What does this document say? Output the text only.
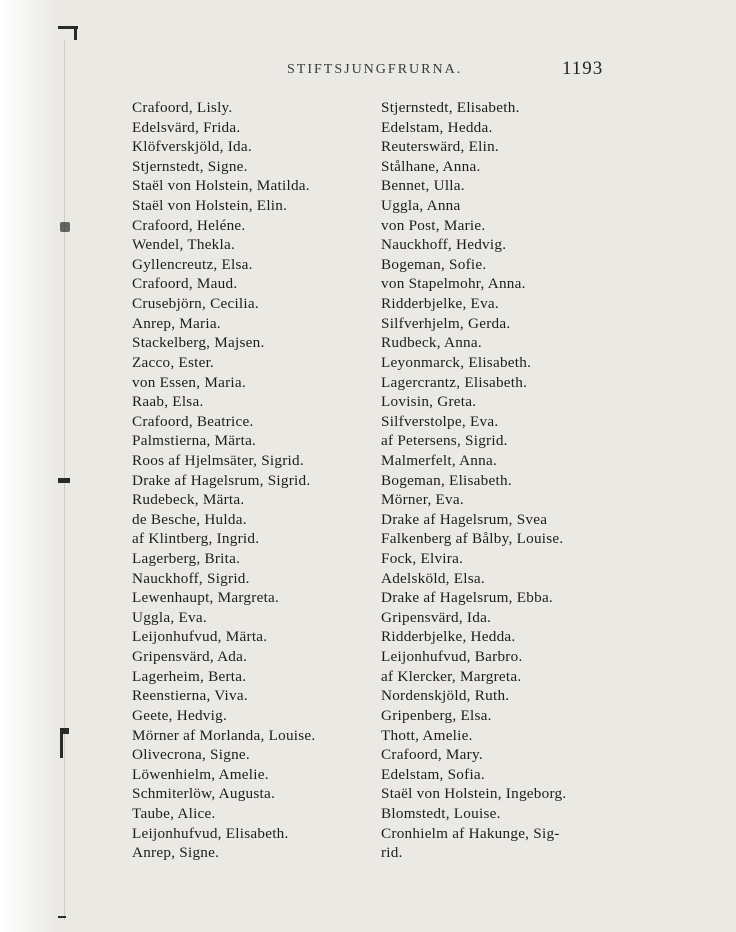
STIFTSJUNGFRURNA.	1193
Crafoord, Lisly.
Edelsvärd, Frida.
Klöfverskjöld, Ida.
Stjernstedt, Signe.
Staël von Holstein, Matilda.
Staël von Holstein, Elin.
Crafoord, Heléne.
Wendel, Thekla.
Gyllencreutz, Elsa.
Crafoord, Maud.
Crusebjörn, Cecilia.
Anrep, Maria.
Stackelberg, Majsen.
Zacco, Ester.
von Essen, Maria.
Raab, Elsa.
Crafoord, Beatrice.
Palmstierna, Märta.
Roos af Hjelmsäter, Sigrid.
Drake af Hagelsrum, Sigrid.
Rudebeck, Märta.
de Besche, Hulda.
af Klintberg, Ingrid.
Lagerberg, Brita.
Nauckhoff, Sigrid.
Lewenhaupt, Margreta.
Uggla, Eva.
Leijonhufvud, Märta.
Gripensvärd, Ada.
Lagerheim, Berta.
Reenstierna, Viva.
Geete, Hedvig.
Mörner af Morlanda, Louise.
Olivecrona, Signe.
Löwenhielm, Amelie.
Schmiterlöw, Augusta.
Taube, Alice.
Leijonhufvud, Elisabeth.
Anrep, Signe.
Stjernstedt, Elisabeth.
Edelstam, Hedda.
Reuterswärd, Elin.
Stålhane, Anna.
Bennet, Ulla.
Uggla, Anna
von Post, Marie.
Nauckhoff, Hedvig.
Bogeman, Sofie.
von Stapelmohr, Anna.
Ridderbjelke, Eva.
Silfverhjelm, Gerda.
Rudbeck, Anna.
Leyonmarck, Elisabeth.
Lagercrantz, Elisabeth.
Lovisin, Greta.
Silfverstolpe, Eva.
af Petersens, Sigrid.
Malmerfelt, Anna.
Bogeman, Elisabeth.
Mörner, Eva.
Drake af Hagelsrum, Svea
Falkenberg af Bålby, Louise.
Fock, Elvira.
Adelsköld, Elsa.
Drake af Hagelsrum, Ebba.
Gripensvärd, Ida.
Ridderbjelke, Hedda.
Leijonhufvud, Barbro.
af Klercker, Margreta.
Nordenskjöld, Ruth.
Gripenberg, Elsa.
Thott, Amelie.
Crafoord, Mary.
Edelstam, Sofia.
Staël von Holstein, Ingeborg.
Blomstedt, Louise.
Cronhielm af Hakunge, Sig-
rid.
